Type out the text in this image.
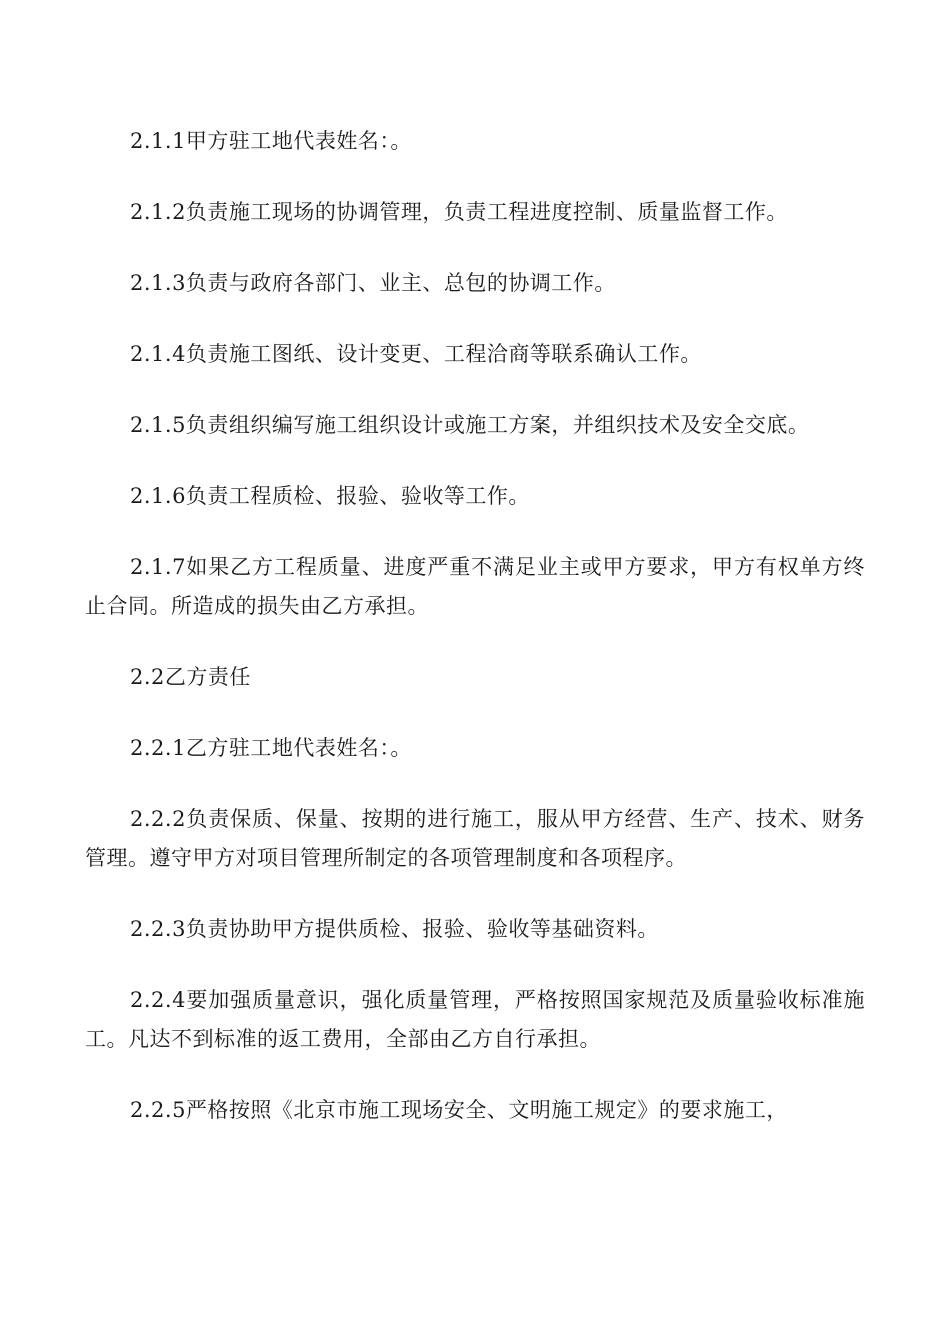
2.1.1甲方驻工地代表姓名：。

2.1.2负责施工现场的协调管理，负责工程进度控制、质量监督工作。

2.1.3负责与政府各部门、业主、总包的协调工作。

2.1.4负责施工图纸、设计变更、工程洽商等联系确认工作。

2.1.5负责组织编写施工组织设计或施工方案，并组织技术及安全交底。

2.1.6负责工程质检、报验、验收等工作。

2.1.7如果乙方工程质量、进度严重不满足业主或甲方要求，甲方有权单方终止合同。所造成的损失由乙方承担。

2.2乙方责任

2.2.1乙方驻工地代表姓名：。

2.2.2负责保质、保量、按期的进行施工，服从甲方经营、生产、技术、财务管理。遵守甲方对项目管理所制定的各项管理制度和各项程序。

2.2.3负责协助甲方提供质检、报验、验收等基础资料。

2.2.4要加强质量意识，强化质量管理，严格按照国家规范及质量验收标准施工。凡达不到标准的返工费用，全部由乙方自行承担。

2.2.5严格按照《北京市施工现场安全、文明施工规定》的要求施工，
